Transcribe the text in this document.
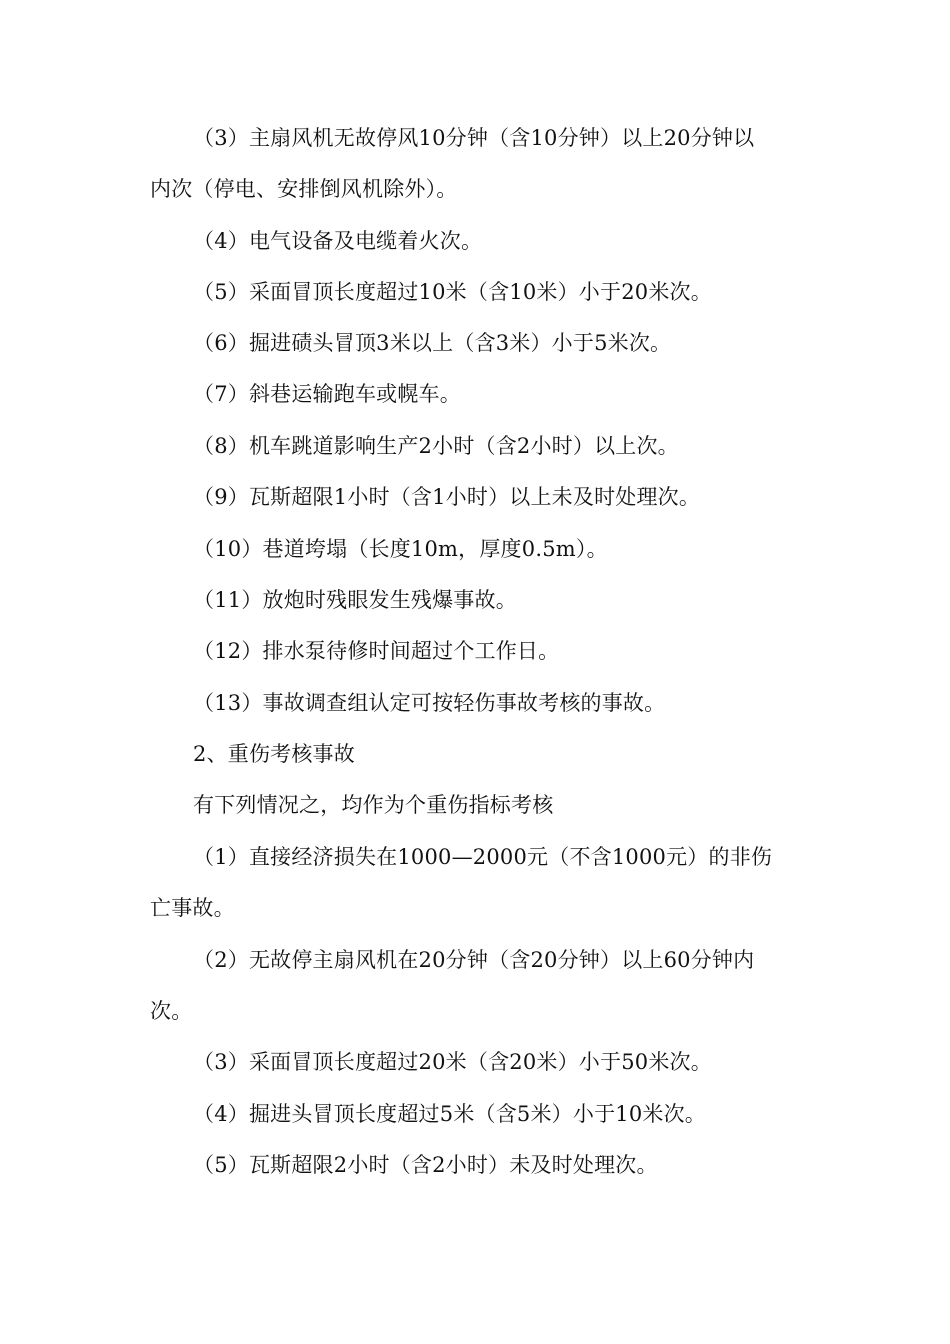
（3）主扇风机无故停风10分钟（含10分钟）以上20分钟以
内次（停电、安排倒风机除外）。
（4）电气设备及电缆着火次。
（5）采面冒顶长度超过10米（含10米）小于20米次。
（6）掘进碛头冒顶3米以上（含3米）小于5米次。
（7）斜巷运输跑车或幌车。
（8）机车跳道影响生产2小时（含2小时）以上次。
（9）瓦斯超限1小时（含1小时）以上未及时处理次。
（10）巷道垮塌（长度10m，厚度0.5m）。
（11）放炮时残眼发生残爆事故。
（12）排水泵待修时间超过个工作日。
（13）事故调查组认定可按轻伤事故考核的事故。
2、重伤考核事故
有下列情况之，均作为个重伤指标考核
（1）直接经济损失在1000—2000元（不含1000元）的非伤
亡事故。
（2）无故停主扇风机在20分钟（含20分钟）以上60分钟内
次。
（3）采面冒顶长度超过20米（含20米）小于50米次。
（4）掘进头冒顶长度超过5米（含5米）小于10米次。
（5）瓦斯超限2小时（含2小时）未及时处理次。
